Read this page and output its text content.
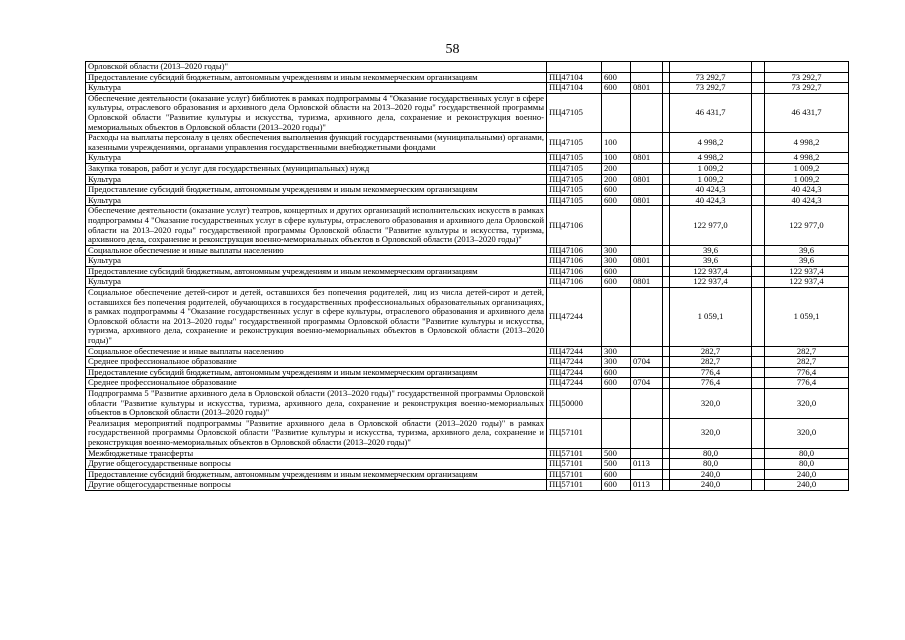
58
Орловской области (2013–2020 годы)"							
Предоставление субсидий бюджетным, автономным учреждениям и иным некоммерческим организациям	ПЦ47104	600			73 292,7		73 292,7
Культура	ПЦ47104	600	0801		73 292,7		73 292,7
Обеспечение деятельности (оказание услуг) библиотек в рамках подпрограммы 4 "Оказание государственных услуг в сфере культуры, отраслевого образования и архивного дела Орловской области на 2013–2020 годы" государственной программы Орловской области "Развитие культуры и искусства, туризма, архивного дела, сохранение и реконструкция военно-мемориальных объектов в Орловской области (2013–2020 годы)"	ПЦ47105				46 431,7		46 431,7
Расходы на выплаты персоналу в целях обеспечения выполнения функций государственными (муниципальными) органами, казенными учреждениями, органами управления государственными внебюджетными фондами	ПЦ47105	100			4 998,2		4 998,2
Культура	ПЦ47105	100	0801		4 998,2		4 998,2
Закупка товаров, работ и услуг для государственных (муниципальных) нужд	ПЦ47105	200			1 009,2		1 009,2
Культура	ПЦ47105	200	0801		1 009,2		1 009,2
Предоставление субсидий бюджетным, автономным учреждениям и иным некоммерческим организациям	ПЦ47105	600			40 424,3		40 424,3
Культура	ПЦ47105	600	0801		40 424,3		40 424,3
Обеспечение деятельности (оказание услуг) театров, концертных и других организаций исполнительских искусств в рамках подпрограммы 4 "Оказание государственных услуг в сфере культуры, отраслевого образования и архивного дела Орловской области на 2013–2020 годы" государственной программы Орловской области "Развитие культуры и искусства, туризма, архивного дела, сохранение и реконструкция военно-мемориальных объектов в Орловской области (2013–2020 годы)"	ПЦ47106				122 977,0		122 977,0
Социальное обеспечение и иные выплаты населению	ПЦ47106	300			39,6		39,6
Культура	ПЦ47106	300	0801		39,6		39,6
Предоставление субсидий бюджетным, автономным учреждениям и иным некоммерческим организациям	ПЦ47106	600			122 937,4		122 937,4
Культура	ПЦ47106	600	0801		122 937,4		122 937,4
Социальное обеспечение детей-сирот и детей, оставшихся без попечения родителей, лиц из числа детей-сирот и детей, оставшихся без попечения родителей, обучающихся в государственных профессиональных образовательных организациях, в рамках подпрограммы 4 "Оказание государственных услуг в сфере культуры, отраслевого образования и архивного дела Орловской области на 2013–2020 годы" государственной программы Орловской области "Развитие культуры и искусства, туризма, архивного дела, сохранение и реконструкция военно-мемориальных объектов в Орловской области (2013–2020 годы)"	ПЦ47244				1 059,1		1 059,1
Социальное обеспечение и иные выплаты населению	ПЦ47244	300			282,7		282,7
Среднее профессиональное образование	ПЦ47244	300	0704		282,7		282,7
Предоставление субсидий бюджетным, автономным учреждениям и иным некоммерческим организациям	ПЦ47244	600			776,4		776,4
Среднее профессиональное образование	ПЦ47244	600	0704		776,4		776,4
Подпрограмма 5 "Развитие архивного дела в Орловской области (2013–2020 годы)" государственной программы Орловской области "Развитие культуры и искусства, туризма, архивного дела, сохранение и реконструкция военно-мемориальных объектов в Орловской области (2013–2020 годы)"	ПЦ50000				320,0		320,0
Реализация мероприятий подпрограммы "Развитие архивного дела в Орловской области (2013–2020 годы)" в рамках государственной программы Орловской области "Развитие культуры и искусства, туризма, архивного дела, сохранение и реконструкция военно-мемориальных объектов в Орловской области (2013–2020 годы)"	ПЦ57101				320,0		320,0
Межбюджетные трансферты	ПЦ57101	500			80,0		80,0
Другие общегосударственные вопросы	ПЦ57101	500	0113		80,0		80,0
Предоставление субсидий бюджетным, автономным учреждениям и иным некоммерческим организациям	ПЦ57101	600			240,0		240,0
Другие общегосударственные вопросы	ПЦ57101	600	0113		240,0		240,0
